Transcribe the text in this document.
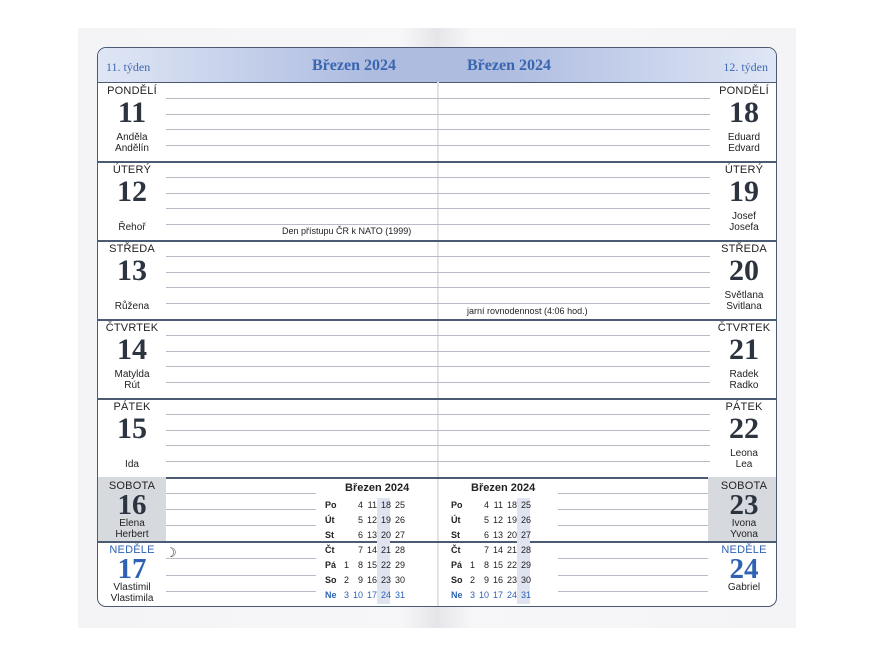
11. týden	Březen 2024	Březen 2024	12. týden
PONDĚLÍ
11
Anděla
Andělín
PONDĚLÍ
18
Eduard
Edvard
ÚTERÝ
12
Řehoř
ÚTERÝ
19
Josef
Josefa
STŘEDA
13
Růžena
STŘEDA
20
Světlana
Svitlana
ČTVRTEK
14
Matylda
Rút
ČTVRTEK
21
Radek
Radko
PÁTEK
15
Ida
PÁTEK
22
Leona
Lea
SOBOTA
16
Elena
Herbert
SOBOTA
23
Ivona
Yvona
NEDĚLE
17
Vlastimil
Vlastimila
NEDĚLE
24
Gabriel
Den přístupu ČR k NATO (1999)
jarní rovnodennost (4:06 hod.)
☽
Březen 2024
Po	4 11 18 25
Út	5 12 19 26
St	6 13 20 27
Čt	7 14 21 28
Pá 1 8 15 22 29
So 2 9 16 23 30
Ne 3 10 17 24 31
Březen 2024
Po	4 11 18 25
Út	5 12 19 26
St	6 13 20 27
Čt	7 14 21 28
Pá 1 8 15 22 29
So 2 9 16 23 30
Ne 3 10 17 24 31
